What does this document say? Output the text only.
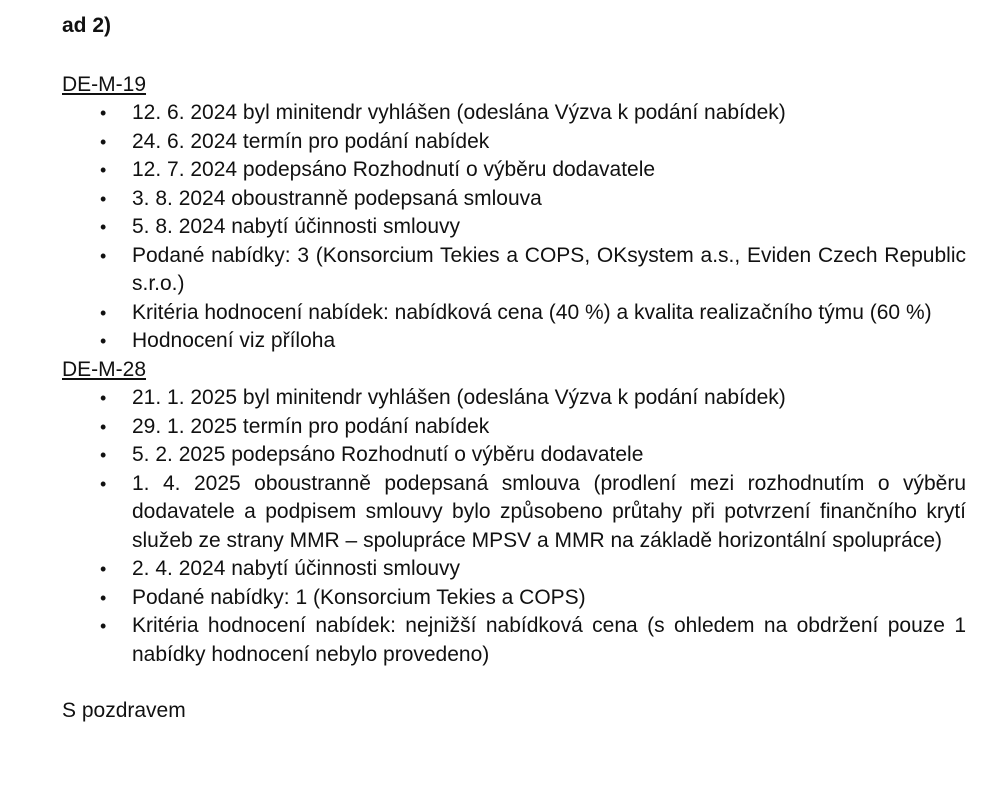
ad 2)

DE-M-19

• 12. 6. 2024 byl minitendr vyhlášen (odeslána Výzva k podání nabídek)
• 24. 6. 2024 termín pro podání nabídek
• 12. 7. 2024 podepsáno Rozhodnutí o výběru dodavatele
• 3. 8. 2024 oboustranně podepsaná smlouva
• 5. 8. 2024 nabytí účinnosti smlouvy
• Podané nabídky: 3 (Konsorcium Tekies a COPS, OKsystem a.s., Eviden Czech Republic s.r.o.)
• Kritéria hodnocení nabídek: nabídková cena (40 %) a kvalita realizačního týmu (60 %)
• Hodnocení viz příloha

DE-M-28

• 21. 1. 2025 byl minitendr vyhlášen (odeslána Výzva k podání nabídek)
• 29. 1. 2025 termín pro podání nabídek
• 5. 2. 2025 podepsáno Rozhodnutí o výběru dodavatele
• 1. 4. 2025 oboustranně podepsaná smlouva (prodlení mezi rozhodnutím o výběru dodavatele a podpisem smlouvy bylo způsobeno průtahy při potvrzení finančního krytí služeb ze strany MMR – spolupráce MPSV a MMR na základě horizontální spolupráce)
• 2. 4. 2024 nabytí účinnosti smlouvy
• Podané nabídky: 1 (Konsorcium Tekies a COPS)
• Kritéria hodnocení nabídek: nejnižší nabídková cena (s ohledem na obdržení pouze 1 nabídky hodnocení nebylo provedeno)

S pozdravem
